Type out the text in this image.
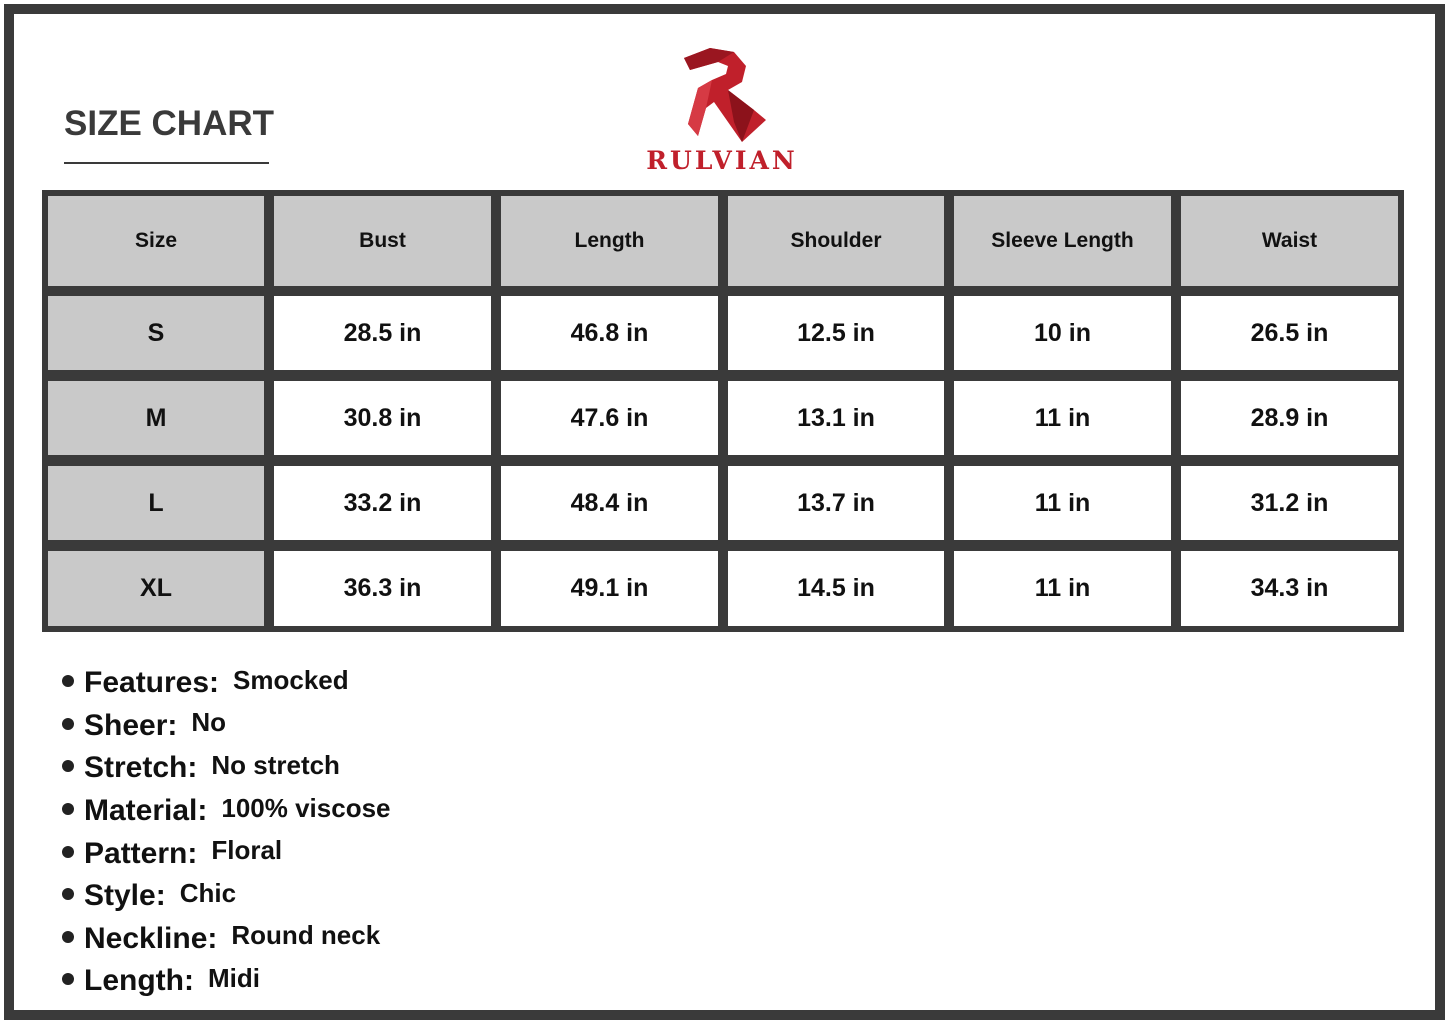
SIZE CHART
RULVIAN
Size	Bust	Length	Shoulder	Sleeve Length	Waist
S	28.5 in	46.8 in	12.5 in	10 in	26.5 in
M	30.8 in	47.6 in	13.1 in	11 in	28.9 in
L	33.2 in	48.4 in	13.7 in	11 in	31.2 in
XL	36.3 in	49.1 in	14.5 in	11 in	34.3 in
Features: Smocked
Sheer: No
Stretch: No stretch
Material: 100% viscose
Pattern: Floral
Style: Chic
Neckline: Round neck
Length: Midi
